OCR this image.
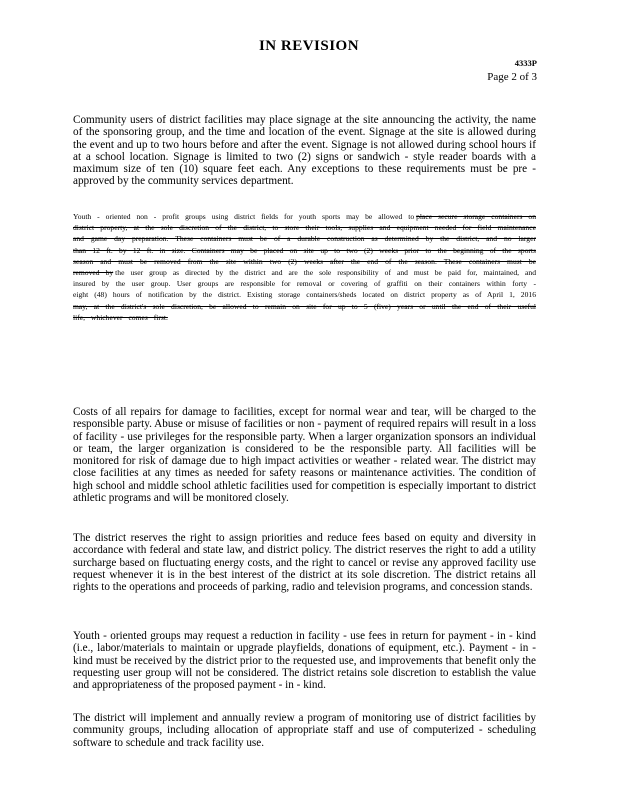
IN REVISION
4333P
Page 2 of 3

Community users of district facilities may place signage at the site announcing the activity, the name of the sponsoring group, and the time and location of the event. Signage at the site is allowed during the event and up to two hours before and after the event. Signage is not allowed during school hours if at a school location. Signage is limited to two (2) signs or sandwich - style reader boards with a maximum size of ten (10) square feet each. Any exceptions to these requirements must be pre - approved by the community services department.

Youth - oriented non - profit groups using district fields for youth sports may be allowed to place secure storage containers on district property, at the sole discretion of the district, to store their tools, supplies and equipment needed for field maintenance and game day preparation. These containers must be of a durable construction as determined by the district, and no larger than 12 ft. by 12 ft. in size. Containers may be placed on site up to two (2) weeks prior to the beginning of the sports season and must be removed from the site within two (2) weeks after the end of the season. These containers must be removed by the user group as directed by the district and are the sole responsibility of and must be paid for, maintained, and insured by the user group. User groups are responsible for removal or covering of graffiti on their containers within forty - eight (48) hours of notification by the district. Existing storage containers/sheds located on district property as of April 1, 2016 may, at the district's sole discretion, be allowed to remain on site for up to 5 (five) years or until the end of their useful life, whichever comes first.

Costs of all repairs for damage to facilities, except for normal wear and tear, will be charged to the responsible party. Abuse or misuse of facilities or non - payment of required repairs will result in a loss of facility - use privileges for the responsible party. When a larger organization sponsors an individual or team, the larger organization is considered to be the responsible party. All facilities will be monitored for risk of damage due to high impact activities or weather - related wear. The district may close facilities at any times as needed for safety reasons or maintenance activities. The condition of high school and middle school athletic facilities used for competition is especially important to district athletic programs and will be monitored closely.

The district reserves the right to assign priorities and reduce fees based on equity and diversity in accordance with federal and state law, and district policy. The district reserves the right to add a utility surcharge based on fluctuating energy costs, and the right to cancel or revise any approved facility use request whenever it is in the best interest of the district at its sole discretion. The district retains all rights to the operations and proceeds of parking, radio and television programs, and concession stands.

Youth - oriented groups may request a reduction in facility - use fees in return for payment - in - kind (i.e., labor/materials to maintain or upgrade playfields, donations of equipment, etc.). Payment - in - kind must be received by the district prior to the requested use, and improvements that benefit only the requesting user group will not be considered. The district retains sole discretion to establish the value and appropriateness of the proposed payment - in - kind.

The district will implement and annually review a program of monitoring use of district facilities by community groups, including allocation of appropriate staff and use of computerized - scheduling software to schedule and track facility use.
